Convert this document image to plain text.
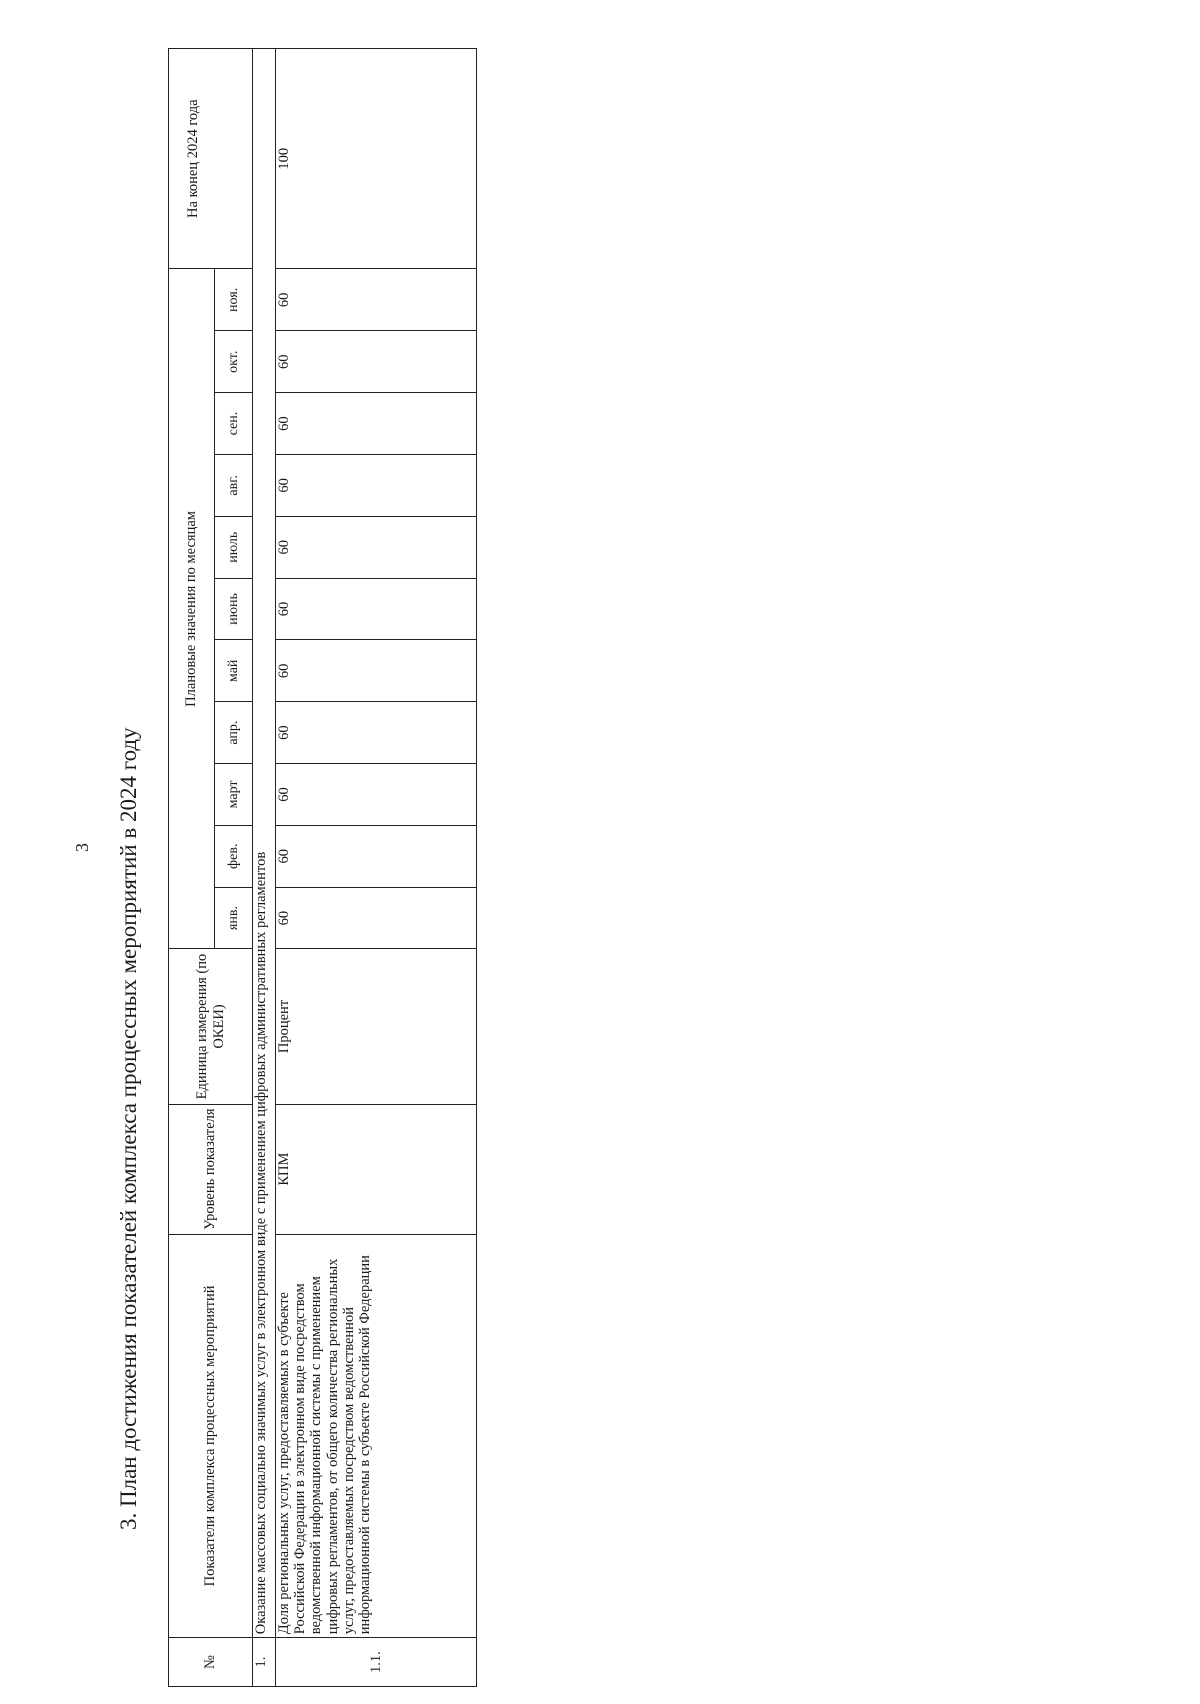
3 3. План достижения показателей комплекса процессных мероприятий в 2024 году
№	Показатели комплекса процессных мероприятий	Уровень показателя	Единица измерения (по ОКЕИ)	Плановые значения по месяцам											На конец 2024 года
				янв.	фев.	март	апр.	май	июнь	июль	авг.	сен.	окт.	ноя.	
1.	Оказание массовых социально значимых услуг в электронном виде с применением цифровых административных регламентов														
1.1.	Доля региональных услуг, предоставляемых в субъекте Российской Федерации в электронном виде посредством ведомственной информационной системы с применением цифровых регламентов, от общего количества региональных услуг, предоставляемых посредством ведомственной информационной системы в субъекте Российской Федерации	КПМ	Процент	60	60	60	60	60	60	60	60	60	60	60	100
